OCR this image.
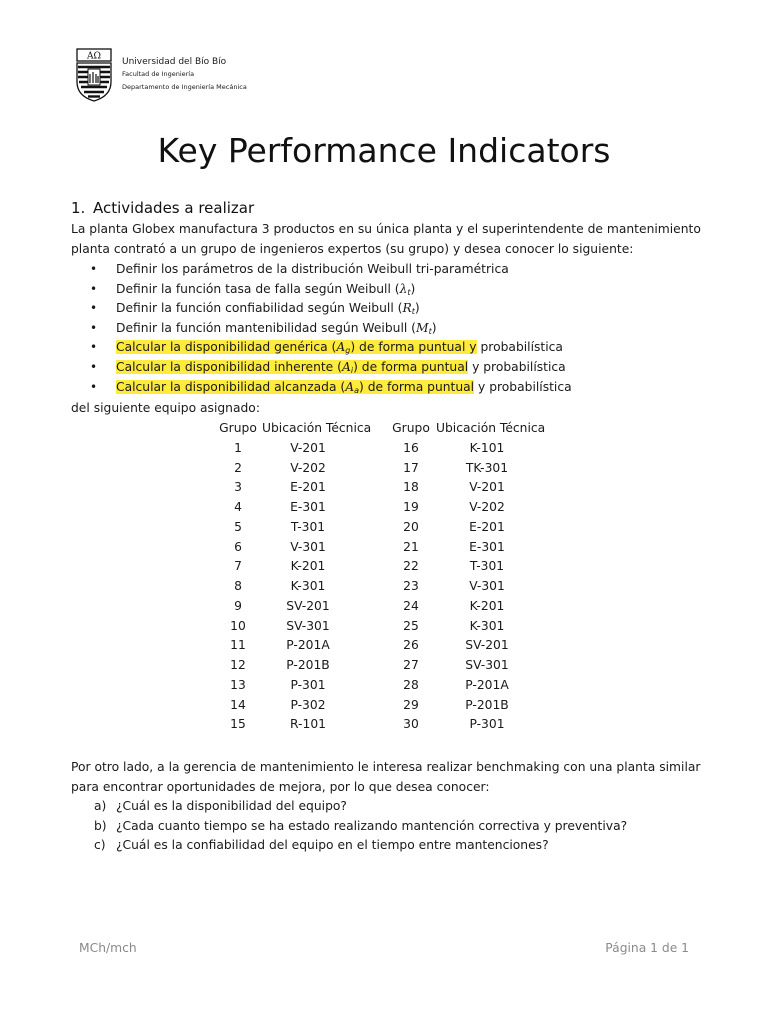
AΩ
Universidad del Bío Bío
Facultad de Ingeniería
Departamento de Ingeniería Mecánica
Key Performance Indicators
1. Actividades a realizar
La planta Globex manufactura 3 productos en su única planta y el superintendente de mantenimiento planta contrató a un grupo de ingenieros expertos (su grupo) y desea conocer lo siguiente:
• Definir los parámetros de la distribución Weibull tri-paramétrica
• Definir la función tasa de falla según Weibull $(\lambda_t)$
• Definir la función confiabilidad según Weibull $(R_t)$
• Definir la función mantenibilidad según Weibull $(M_t)$
• Calcular la disponibilidad genérica $(A_g)$ de forma puntual y probabilística
• Calcular la disponibilidad inherente $(A_i)$ de forma puntual y probabilística
• Calcular la disponibilidad alcanzada $(A_a)$ de forma puntual y probabilística
del siguiente equipo asignado:
Grupo Ubicación Técnica	Grupo Ubicación Técnica
1	V-201	16	K-101
2	V-202	17	TK-301
3	E-201	18	V-201
4	E-301	19	V-202
5	T-301	20	E-201
6	V-301	21	E-301
7	K-201	22	T-301
8	K-301	23	V-301
9	SV-201	24	K-201
10	SV-301	25	K-301
11	P-201A	26	SV-201
12	P-201B	27	SV-301
13	P-301	28	P-201A
14	P-302	29	P-201B
15	R-101	30	P-301
Por otro lado, a la gerencia de mantenimiento le interesa realizar benchmaking con una planta similar para encontrar oportunidades de mejora, por lo que desea conocer:
a) ¿Cuál es la disponibilidad del equipo?
b) ¿Cada cuanto tiempo se ha estado realizando mantención correctiva y preventiva?
c) ¿Cuál es la confiabilidad del equipo en el tiempo entre mantenciones?
MCh/mch	Página 1 de 1
